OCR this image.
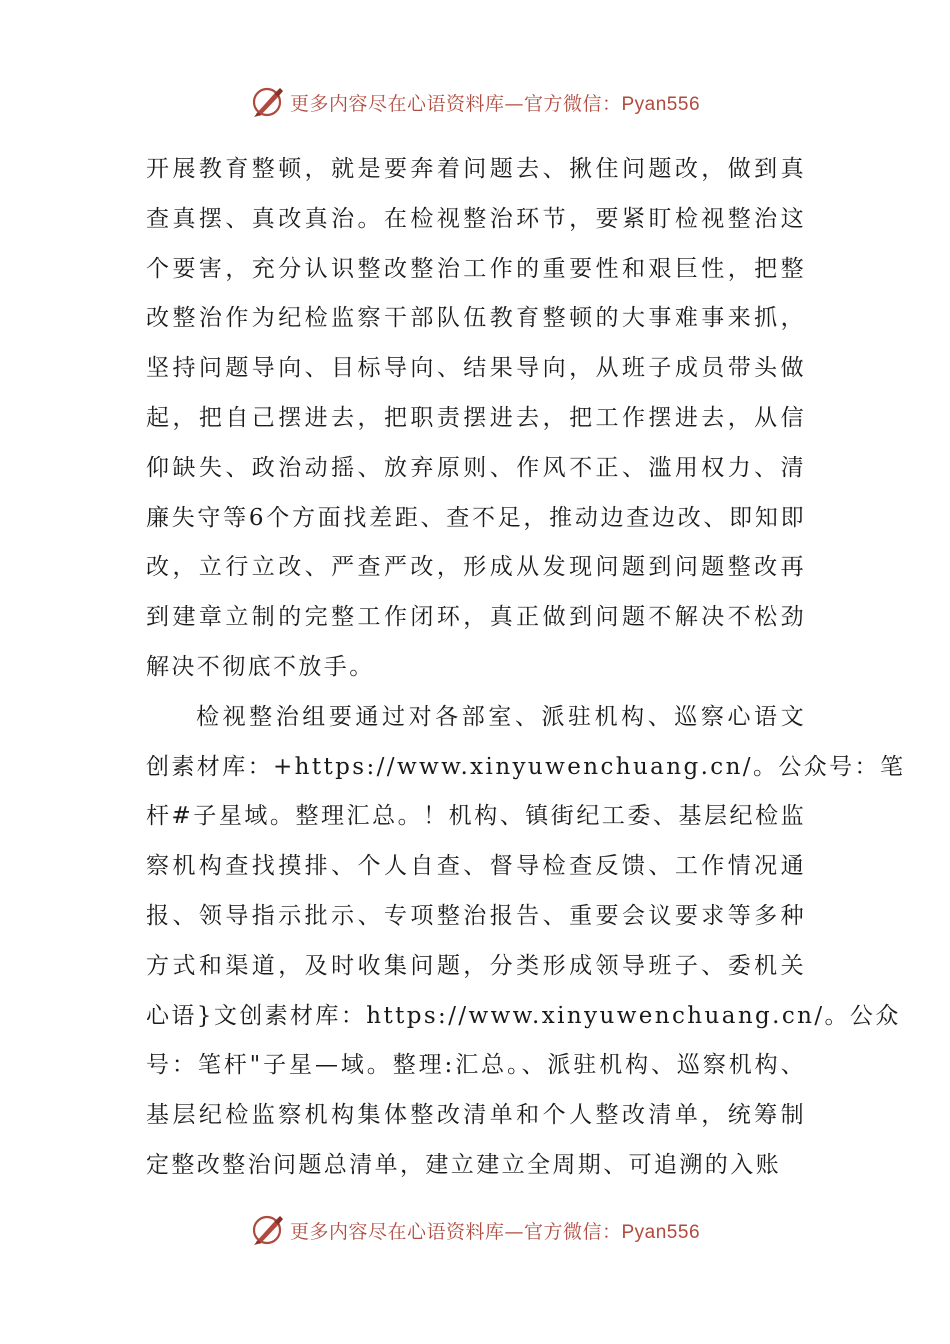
更多内容尽在心语资料库—官方微信：Pyan556
开展教育整顿，就是要奔着问题去、揪住问题改，做到真
查真摆、真改真治。在检视整治环节，要紧盯检视整治这
个要害，充分认识整改整治工作的重要性和艰巨性，把整
改整治作为纪检监察干部队伍教育整顿的大事难事来抓，
坚持问题导向、目标导向、结果导向，从班子成员带头做
起，把自己摆进去，把职责摆进去，把工作摆进去，从信
仰缺失、政治动摇、放弃原则、作风不正、滥用权力、清
廉失守等6个方面找差距、查不足，推动边查边改、即知即
改，立行立改、严查严改，形成从发现问题到问题整改再
到建章立制的完整工作闭环，真正做到问题不解决不松劲
解决不彻底不放手。
检视整治组要通过对各部室、派驻机构、巡察心语文
创素材库：+https://www.xinyuwenchuang.cn/。公众号：笔
杆#子星域。整理汇总。！机构、镇街纪工委、基层纪检监
察机构查找摸排、个人自查、督导检查反馈、工作情况通
报、领导指示批示、专项整治报告、重要会议要求等多种
方式和渠道，及时收集问题，分类形成领导班子、委机关
心语}文创素材库：https://www.xinyuwenchuang.cn/。公众
号：笔杆"子星—域。整理:汇总。、派驻机构、巡察机构、
基层纪检监察机构集体整改清单和个人整改清单，统筹制
定整改整治问题总清单，建立建立全周期、可追溯的入账
更多内容尽在心语资料库—官方微信：Pyan556
